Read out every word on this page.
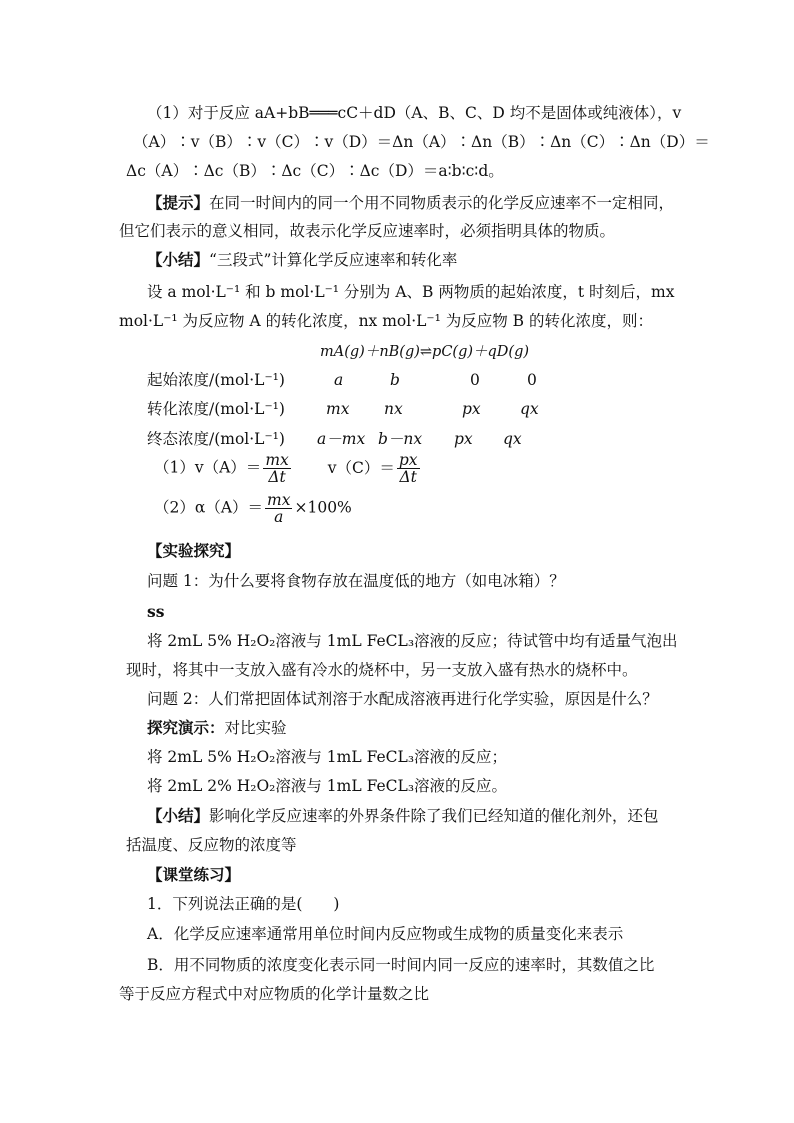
（1）对于反应 aA+bB═══cC＋dD（A、B、C、D 均不是固体或纯液体），v
（A）∶v（B）∶v（C）∶v（D）＝Δn（A）∶Δn（B）∶Δn（C）∶Δn（D）＝
Δc（A）∶Δc（B）∶Δc（C）∶Δc（D）＝a∶b∶c∶d。
【提示】在同一时间内的同一个用不同物质表示的化学反应速率不一定相同，
但它们表示的意义相同，故表示化学反应速率时，必须指明具体的物质。
【小结】“三段式”计算化学反应速率和转化率
设 a mol·L⁻¹ 和 b mol·L⁻¹ 分别为 A、B 两物质的起始浓度，t 时刻后，mx
mol·L⁻¹ 为反应物 A 的转化浓度，nx mol·L⁻¹ 为反应物 B 的转化浓度，则：
mA(g)＋nB(g)⇌pC(g)＋qD(g)
起始浓度/(mol·L⁻¹)	a	b	0	0
转化浓度/(mol·L⁻¹)	mx nx	px	qx
终态浓度/(mol·L⁻¹) a－mx b－nx px qx
$(1)v(A)= \frac{mx}{\Delta t} v(C)= \frac{px}{\Delta t}$
$(2)\alpha(A)= \frac{mx}{a} \times 100\%$
【实验探究】
问题 1：为什么要将食物存放在温度低的地方（如电冰箱）？
ss
将 2mL 5% H₂O₂溶液与 1mL FeCL₃溶液的反应；待试管中均有适量气泡出
现时，将其中一支放入盛有冷水的烧杯中，另一支放入盛有热水的烧杯中。
问题 2：人们常把固体试剂溶于水配成溶液再进行化学实验，原因是什么？
探究演示：对比实验
将 2mL 5% H₂O₂溶液与 1mL FeCL₃溶液的反应；
将 2mL 2% H₂O₂溶液与 1mL FeCL₃溶液的反应。
【小结】影响化学反应速率的外界条件除了我们已经知道的催化剂外，还包
括温度、反应物的浓度等
【课堂练习】
1．下列说法正确的是(　　)
A．化学反应速率通常用单位时间内反应物或生成物的质量变化来表示
B．用不同物质的浓度变化表示同一时间内同一反应的速率时，其数值之比
等于反应方程式中对应物质的化学计量数之比
